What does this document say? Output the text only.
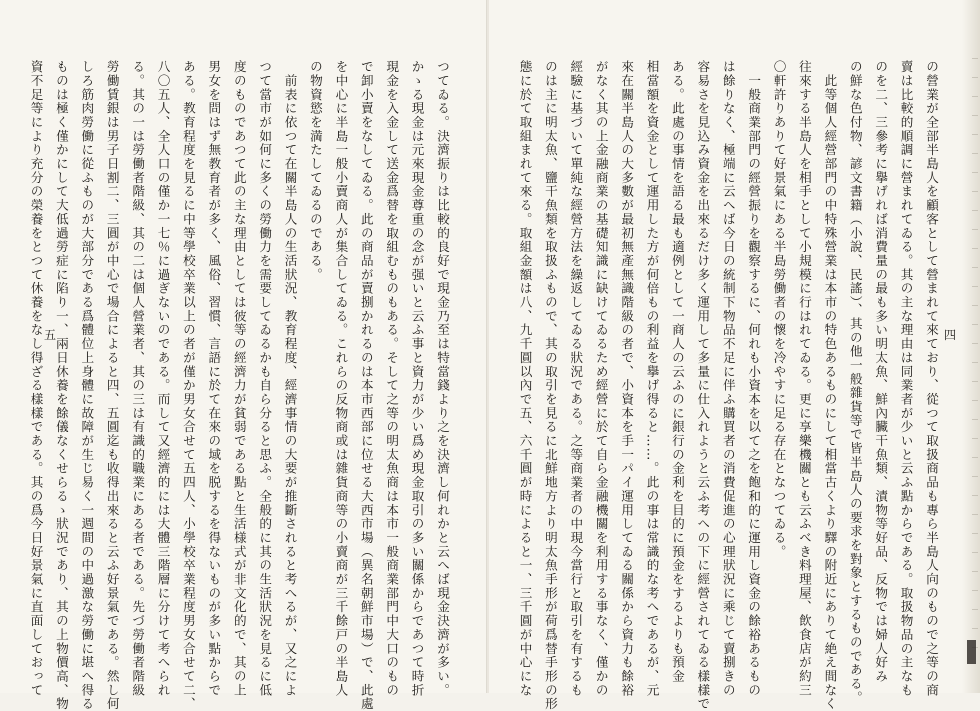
つてゐる。決濟振りは比較的良好で現金乃至は特當錢より之を決濟し何れかと云へば現金決濟が多い。
かゝる現金は元來現金尊重の念が强いと云ふ事と資力が少い爲め現金取引の多い關係からであつて時折
現金を入金して送金爲替を取組むものもある。そして之等の明太魚商は本市一般商業部門中大口のもの
で卸小賣をなしてゐる。此の商品が賣捌かれるのは本市西部に位せる大西市場（異名朝鮮市場）で、此處
を中心に半島一般小賣商人が集合してゐる。これらの反物商或は雜貨商等の小賣商が三千餘戸の半島人
の物資慾を満たしてゐるのである。
　前表に依つて在關半島人の生活狀況、教育程度、經濟事情の大要が推斷されると考へるが、又之によ
つて當市が如何に多くの勞働力を需要してゐるかも自ら分ると思ふ。全般的に其の生活狀況を見るに低
度のものであつて此の主な理由としては彼等の經濟力が貧弱である點と生活様式が非文化的で、其の上
男女を問はず無教育者が多く、風俗、習慣、言語に於て在來の域を脱するを得ないものが多い點からで
ある。教育程度を見るに中等學校卒業以上の者が僅か男女合せて五四人、小學校卒業程度男女合せて二、
八〇五人、全人口の僅か一七％に過ぎないのである。而して又經濟的には大體三階層に分けて考へられ
る。其の一は勞働者階級、其の二は個人營業者、其の三は有識的職業にある者である。先づ勞働者階級
勞働賃銀は男子日割二、三圓が中心で場合によると四、五圓迄も收得出來ると云ふ好景氣である。然し何
しろ筋肉勞働に從ふものが大部分である爲體位上身體に故障が生じ易く一週間の中過激な勞働に堪へ得る
ものは極く僅かにして大低過勞症に陷り一、兩日休養を餘儀なくせらるゝ狀況であり、其の上物價高、物
資不足等により充分の榮養をとつて休養をなし得ざる樣樣である。其の爲今日好景氣に直面しておって 五	の營業が全部半島人を顧客として營まれて來ており、從つて取扱商品も專ら半島人向のもので之等の商
賣は比較的順調に營まれてゐる。其の主な理由は同業者が少いと云ふ點からである。取扱物品の主なも
のを二、三參考に擧げれば消費量の最も多い明太魚、鮮內臟干魚類、漬物等好品、反物では婦人好み
の鮮な色付物、諺文書籍（小說、民謠）、其の他一般雜貨等で皆半島人の要求を對象とするものである。
　此等個人經營部門の中特殊營業は本市の特色あるものにして相當古くより驛の附近にありて絶え間なく
往來する半島人を相手として小規模に行はれてゐる。更に享樂機關とも云ふべき料理屋、飲食店が約三
〇軒許りありて好景氣にある半島勞働者の懷を冷やすに足る存在となつてゐる。
　一般商業部門の經營振りを觀察するに、何れも小資本を以て之を飽和的に運用し資金の餘裕あるもの
は餘りなく、極端に云へば今日の統制下物品不足に伴ふ購買者の消費促進の心理狀況に乘じて賣捌きの
容易さを見込み資金を出來るだけ多く運用して多量に仕入れようと云ふ考への下に經營されてゐる樣樣で
ある。此處の事情を語る最も適例として一商人の云ふのに銀行の金利を目的に預金をするよりも預金
相當額を資金として運用した方が何倍もの利益を擧げ得ると……。此の事は常識的な考へであるが、元
來在關半島人の大多數が最初無產無識階級の者で、小資本を手一パイ運用してゐる關係から資力も餘裕
がなく其の上金融商業の基礎知識に缺けてゐるため經營に於て自ら金融機關を利用する事なく、僅かの
經驗に基づいて單純な經營方法を繰返してゐる狀況である。之等商業者の中現今當行と取引を有するも
のは主に明太魚、鹽干魚類を取扱ふもので、其の取引を見るに北鮮地方より明太魚手形が荷爲替手形の形
態に於て取組まれて來る。取組金額は八、九千圓以內で五、六千圓が時によると一、三千圓が中心にな	四
